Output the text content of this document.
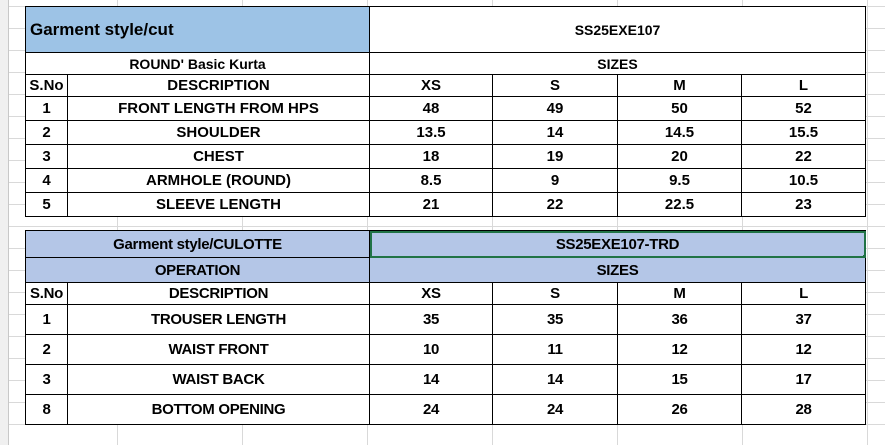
Garment style/cut		SS25EXE107			
ROUND' Basic Kurta		SIZES			
S.No	DESCRIPTION	XS	S	M	L
1	FRONT LENGTH FROM HPS	48	49	50	52
2	SHOULDER	13.5	14	14.5	15.5
3	CHEST	18	19	20	22
4	ARMHOLE (ROUND)	8.5	9	9.5	10.5
5	SLEEVE LENGTH	21	22	22.5	23
Garment style/CULOTTE		SS25EXE107-TRD			
OPERATION		SIZES			
S.No	DESCRIPTION	XS	S	M	L
1	TROUSER LENGTH	35	35	36	37
2	WAIST FRONT	10	11	12	12
3	WAIST BACK	14	14	15	17
8	BOTTOM OPENING	24	24	26	28
